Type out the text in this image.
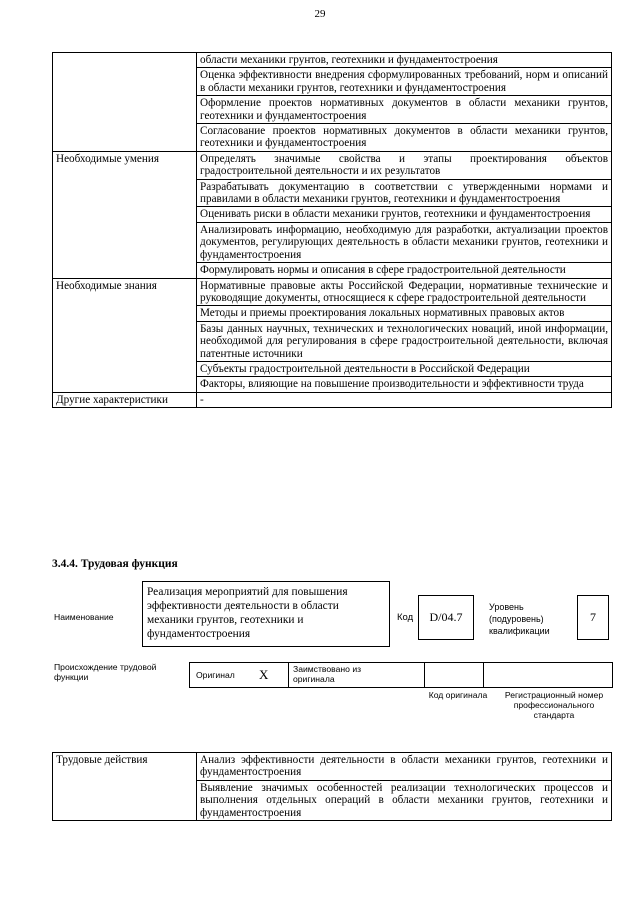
29
	области механики грунтов, геотехники и фундаментостроения
	Оценка эффективности внедрения сформулированных требований, норм и описаний в области механики грунтов, геотехники и фундаментостроения
	Оформление проектов нормативных документов в области механики грунтов, геотехники и фундаментостроения
	Согласование проектов нормативных документов в области механики грунтов, геотехники и фундаментостроения
Необходимые умения	Определять значимые свойства и этапы проектирования объектов градостроительной деятельности и их результатов
	Разрабатывать документацию в соответствии с утвержденными нормами и правилами в области механики грунтов, геотехники и фундаментостроения
	Оценивать риски в области механики грунтов, геотехники и фундаментостроения
	Анализировать информацию, необходимую для разработки, актуализации проектов документов, регулирующих деятельность в области механики грунтов, геотехники и фундаментостроения
	Формулировать нормы и описания в сфере градостроительной деятельности
Необходимые знания	Нормативные правовые акты Российской Федерации, нормативные технические и руководящие документы, относящиеся к сфере градостроительной деятельности
	Методы и приемы проектирования локальных нормативных правовых актов
	Базы данных научных, технических и технологических новаций, иной информации, необходимой для регулирования в сфере градостроительной деятельности, включая патентные источники
	Субъекты градостроительной деятельности в Российской Федерации
	Факторы, влияющие на повышение производительности и эффективности труда
Другие характеристики	-
3.4.4. Трудовая функция
Наименование
Реализация мероприятий для повышения эффективности деятельности в области механики грунтов, геотехники и фундаментостроения
Код	D/04.7
Уровень (подуровень) квалификации
7
Происхождение трудовой функции	Оригинал X	Заимствовано из оригинала
Код оригинала Регистрационный номер профессионального стандарта
Трудовые действия	Анализ эффективности деятельности в области механики грунтов, геотехники и фундаментостроения
Выявление значимых особенностей реализации технологических процессов и выполнения отдельных операций в области механики грунтов, геотехники и фундаментостроения
